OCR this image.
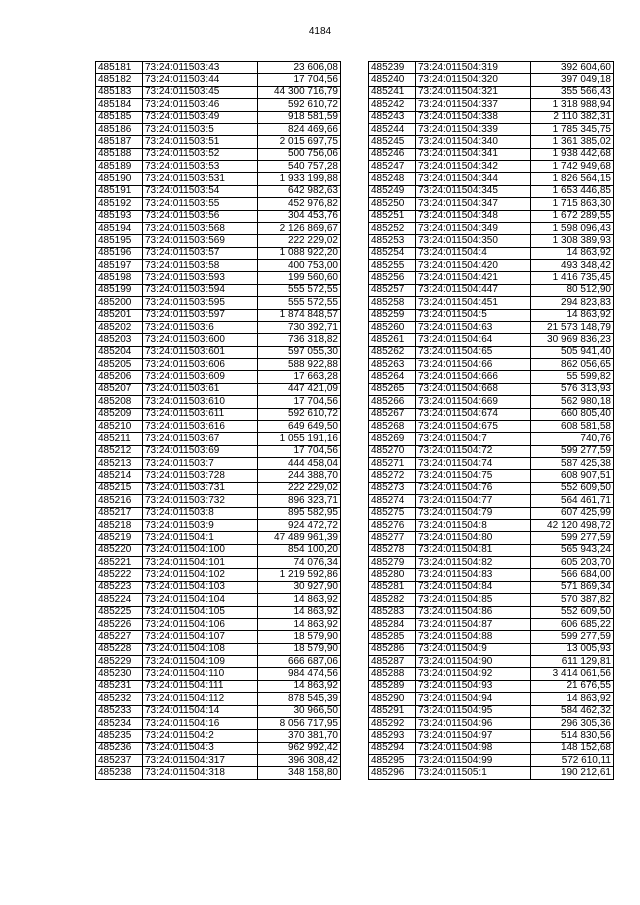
4184
485181	73:24:011503:43	23 606,08
485182	73:24:011503:44	17 704,56
485183	73:24:011503:45	44 300 716,79
485184	73:24:011503:46	592 610,72
485185	73:24:011503:49	918 581,59
485186	73:24:011503:5	824 469,66
485187	73:24:011503:51	2 015 697,75
485188	73:24:011503:52	500 756,06
485189	73:24:011503:53	540 757,28
485190	73:24:011503:531	1 933 199,88
485191	73:24:011503:54	642 982,63
485192	73:24:011503:55	452 976,82
485193	73:24:011503:56	304 453,76
485194	73:24:011503:568	2 126 869,67
485195	73:24:011503:569	222 229,02
485196	73:24:011503:57	1 088 922,20
485197	73:24:011503:58	400 753,00
485198	73:24:011503:593	199 560,60
485199	73:24:011503:594	555 572,55
485200	73:24:011503:595	555 572,55
485201	73:24:011503:597	1 874 848,57
485202	73:24:011503:6	730 392,71
485203	73:24:011503:600	736 318,82
485204	73:24:011503:601	597 055,30
485205	73:24:011503:606	588 922,88
485206	73:24:011503:609	17 663,28
485207	73:24:011503:61	447 421,09
485208	73:24:011503:610	17 704,56
485209	73:24:011503:611	592 610,72
485210	73:24:011503:616	649 649,50
485211	73:24:011503:67	1 055 191,16
485212	73:24:011503:69	17 704,56
485213	73:24:011503:7	444 458,04
485214	73:24:011503:728	244 388,70
485215	73:24:011503:731	222 229,02
485216	73:24:011503:732	896 323,71
485217	73:24:011503:8	895 582,95
485218	73:24:011503:9	924 472,72
485219	73:24:011504:1	47 489 961,39
485220	73:24:011504:100	854 100,20
485221	73:24:011504:101	74 076,34
485222	73:24:011504:102	1 219 592,86
485223	73:24:011504:103	30 927,90
485224	73:24:011504:104	14 863,92
485225	73:24:011504:105	14 863,92
485226	73:24:011504:106	14 863,92
485227	73:24:011504:107	18 579,90
485228	73:24:011504:108	18 579,90
485229	73:24:011504:109	666 687,06
485230	73:24:011504:110	984 474,56
485231	73:24:011504:111	14 863,92
485232	73:24:011504:112	878 545,39
485233	73:24:011504:14	30 966,50
485234	73:24:011504:16	8 056 717,95
485235	73:24:011504:2	370 381,70
485236	73:24:011504:3	962 992,42
485237	73:24:011504:317	396 308,42
485238	73:24:011504:318	348 158,80
485239	73:24:011504:319	392 604,60
485240	73:24:011504:320	397 049,18
485241	73:24:011504:321	355 566,43
485242	73:24:011504:337	1 318 988,94
485243	73:24:011504:338	2 110 382,31
485244	73:24:011504:339	1 785 345,75
485245	73:24:011504:340	1 361 385,02
485246	73:24:011504:341	1 938 442,68
485247	73:24:011504:342	1 742 949,68
485248	73:24:011504:344	1 826 564,15
485249	73:24:011504:345	1 653 446,85
485250	73:24:011504:347	1 715 863,30
485251	73:24:011504:348	1 672 289,55
485252	73:24:011504:349	1 598 096,43
485253	73:24:011504:350	1 308 389,93
485254	73:24:011504:4	14 863,92
485255	73:24:011504:420	493 348,42
485256	73:24:011504:421	1 416 735,45
485257	73:24:011504:447	80 512,90
485258	73:24:011504:451	294 823,83
485259	73:24:011504:5	14 863,92
485260	73:24:011504:63	21 573 148,79
485261	73:24:011504:64	30 969 836,23
485262	73:24:011504:65	505 941,40
485263	73:24:011504:66	862 056,65
485264	73:24:011504:666	55 599,82
485265	73:24:011504:668	576 313,93
485266	73:24:011504:669	562 980,18
485267	73:24:011504:674	660 805,40
485268	73:24:011504:675	608 581,58
485269	73:24:011504:7	740,76
485270	73:24:011504:72	599 277,59
485271	73:24:011504:74	587 425,38
485272	73:24:011504:75	608 907,51
485273	73:24:011504:76	552 609,50
485274	73:24:011504:77	564 461,71
485275	73:24:011504:79	607 425,99
485276	73:24:011504:8	42 120 498,72
485277	73:24:011504:80	599 277,59
485278	73:24:011504:81	565 943,24
485279	73:24:011504:82	605 203,70
485280	73:24:011504:83	566 684,00
485281	73:24:011504:84	571 869,34
485282	73:24:011504:85	570 387,82
485283	73:24:011504:86	552 609,50
485284	73:24:011504:87	606 685,22
485285	73:24:011504:88	599 277,59
485286	73:24:011504:9	13 005,93
485287	73:24:011504:90	611 129,81
485288	73:24:011504:92	3 414 061,56
485289	73:24:011504:93	21 676,55
485290	73:24:011504:94	14 863,92
485291	73:24:011504:95	584 462,32
485292	73:24:011504:96	296 305,36
485293	73:24:011504:97	514 830,56
485294	73:24:011504:98	148 152,68
485295	73:24:011504:99	572 610,11
485296	73:24:011505:1	190 212,61
